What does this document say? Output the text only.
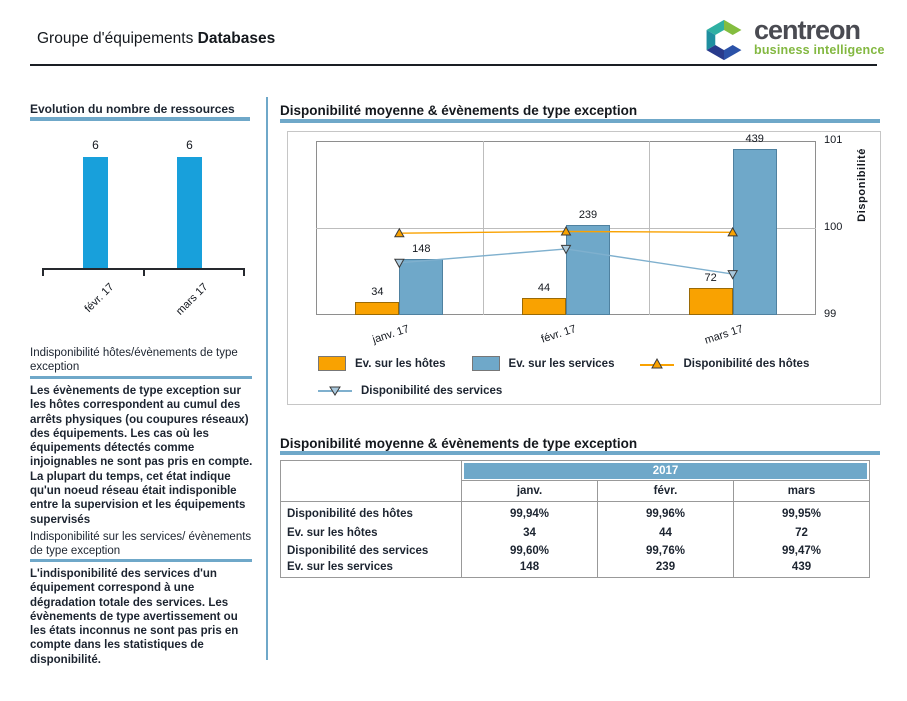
Groupe d'équipements Databases	centreon
business intelligence
Evolution du nombre de ressources
6
févr. 17
6
mars 17
Indisponibilité hôtes/évènements de type exception
Les évènements de type exception sur les hôtes correspondent au cumul des arrêts physiques (ou coupures réseaux) des équipements. Les cas où les équipements détectés comme injoignables ne sont pas pris en compte. La plupart du temps, cet état indique qu'un noeud réseau était indisponible entre la supervision et les équipements supervisés
Indisponibilité sur les services/ évènements de type exception
L'indisponibilité des services d'un équipement correspond à une dégradation totale des services. Les évènements de type avertissement ou les états inconnus ne sont pas pris en compte dans les statistiques de disponibilité.
Disponibilité moyenne & évènements de type exception
Disponibilité
Ev. sur les hôtes	Ev. sur les services	Disponibilité des hôtes
Disponibilité des services
34
148
janv. 17
44
239
févr. 17
72
439
mars 17
99
100
101
Disponibilité moyenne & évènements de type exception

	2017		

	janv.	févr.	mars
Disponibilité des hôtes	99,94%	99,96%	99,95%
Ev. sur les hôtes	34	44	72
Disponibilité des services	99,60%	99,76%	99,47%
Ev. sur les services	148	239	439
